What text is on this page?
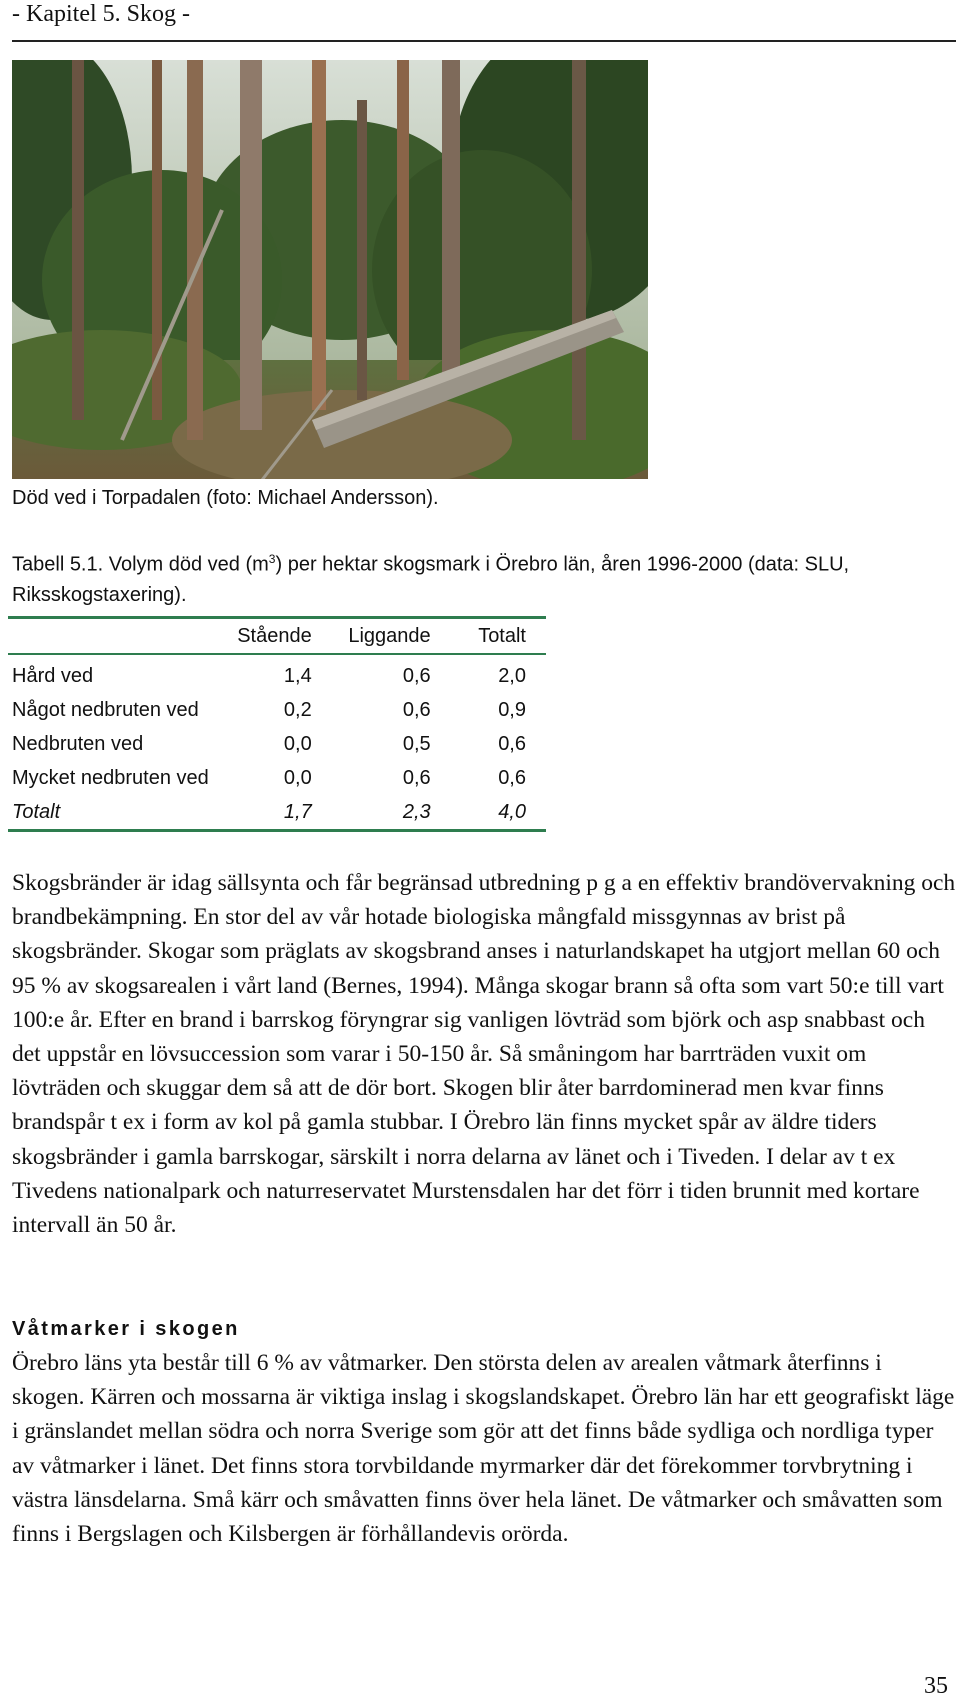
- Kapitel 5. Skog -
Död ved i Torpadalen (foto: Michael Andersson).
Tabell 5.1. Volym död ved $(m^3)$ per hektar skogsmark i Örebro län, åren 1996-2000 (data: SLU, Riksskogstaxering).
	Stående	Liggande	Totalt
Hård ved	1,4	0,6	2,0
Något nedbruten ved	0,2	0,6	0,9
Nedbruten ved	0,0	0,5	0,6
Mycket nedbruten ved	0,0	0,6	0,6
Totalt	1,7	2,3	4,0

Skogsbränder är idag sällsynta och får begränsad utbredning p g a en effektiv brandövervakning och brandbekämpning. En stor del av vår hotade biologiska mångfald missgynnas av brist på skogsbränder. Skogar som präglats av skogsbrand anses i naturlandskapet ha utgjort mellan 60 och 95 % av skogsarealen i vårt land (Bernes, 1994). Många skogar brann så ofta som vart 50:e till vart 100:e år. Efter en brand i barrskog föryngrar sig vanligen lövträd som björk och asp snabbast och det uppstår en lövsuccession som varar i 50-150 år. Så småningom har barrträden vuxit om lövträden och skuggar dem så att de dör bort. Skogen blir åter barrdominerad men kvar finns brandspår t ex i form av kol på gamla stubbar. I Örebro län finns mycket spår av äldre tiders skogsbränder i gamla barrskogar, särskilt i norra delarna av länet och i Tiveden. I delar av t ex Tivedens nationalpark och naturreservatet Murstensdalen har det förr i tiden brunnit med kortare intervall än 50 år.

Våtmarker i skogen

Örebro läns yta består till 6 % av våtmarker. Den största delen av arealen våtmark återfinns i skogen. Kärren och mossarna är viktiga inslag i skogslandskapet. Örebro län har ett geografiskt läge i gränslandet mellan södra och norra Sverige som gör att det finns både sydliga och nordliga typer av våtmarker i länet. Det finns stora torvbildande myrmarker där det förekommer torvbrytning i västra länsdelarna. Små kärr och småvatten finns över hela länet. De våtmarker och småvatten som finns i Bergslagen och Kilsbergen är förhållandevis orörda.

35
